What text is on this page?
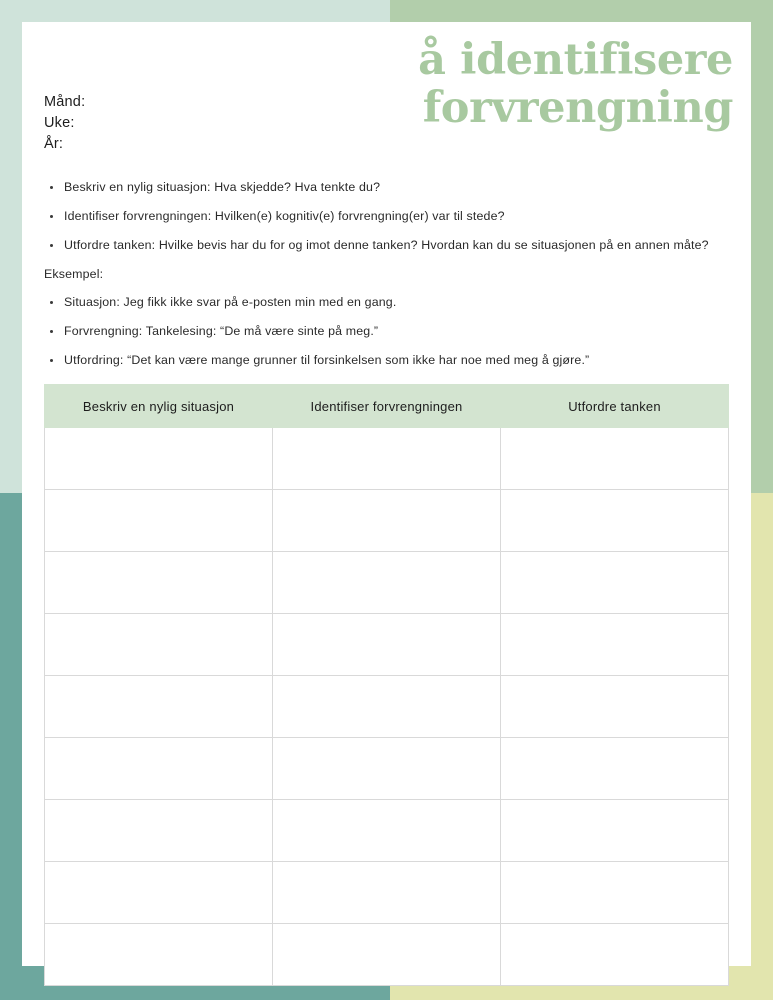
Månd:
Uke:
År:
å identifisere forvrengning
Beskriv en nylig situasjon: Hva skjedde? Hva tenkte du?
Identifiser forvrengningen: Hvilken(e) kognitiv(e) forvrengning(er) var til stede?
Utfordre tanken: Hvilke bevis har du for og imot denne tanken? Hvordan kan du se situasjonen på en annen måte?
Eksempel:
Situasjon: Jeg fikk ikke svar på e-posten min med en gang.
Forvrengning: Tankelesing: “De må være sinte på meg.”
Utfordring: “Det kan være mange grunner til forsinkelsen som ikke har noe med meg å gjøre.”
Beskriv en nylig situasjon	Identifiser forvrengningen	Utfordre tanken
